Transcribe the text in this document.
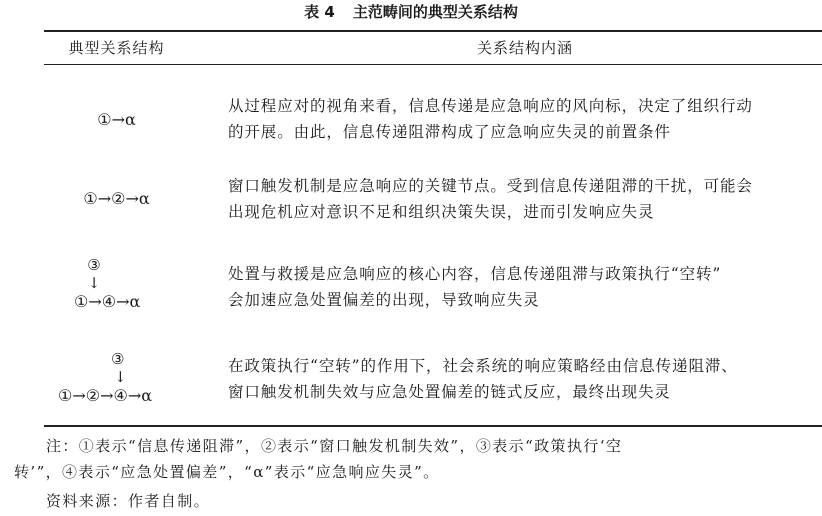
表 4 主范畴间的典型关系结构
典型关系结构	关系结构内涵
①→α
从过程应对的视角来看，信息传递是应急响应的风向标，决定了组织行动
的开展。由此，信息传递阻滞构成了应急响应失灵的前置条件
①→②→α
窗口触发机制是应急响应的关键节点。受到信息传递阻滞的干扰，可能会
出现危机应对意识不足和组织决策失误，进而引发响应失灵
③
↓
①→④→α
处置与救援是应急响应的核心内容，信息传递阻滞与政策执行“空转”
会加速应急处置偏差的出现，导致响应失灵
③
↓
①→②→④→α
在政策执行“空转”的作用下，社会系统的响应策略经由信息传递阻滞、
窗口触发机制失效与应急处置偏差的链式反应，最终出现失灵
注：①表示“信息传递阻滞”，②表示“窗口触发机制失效”，③表示“政策执行‘空
转’”，④表示“应急处置偏差”，“α”表示“应急响应失灵”。
资料来源：作者自制。
